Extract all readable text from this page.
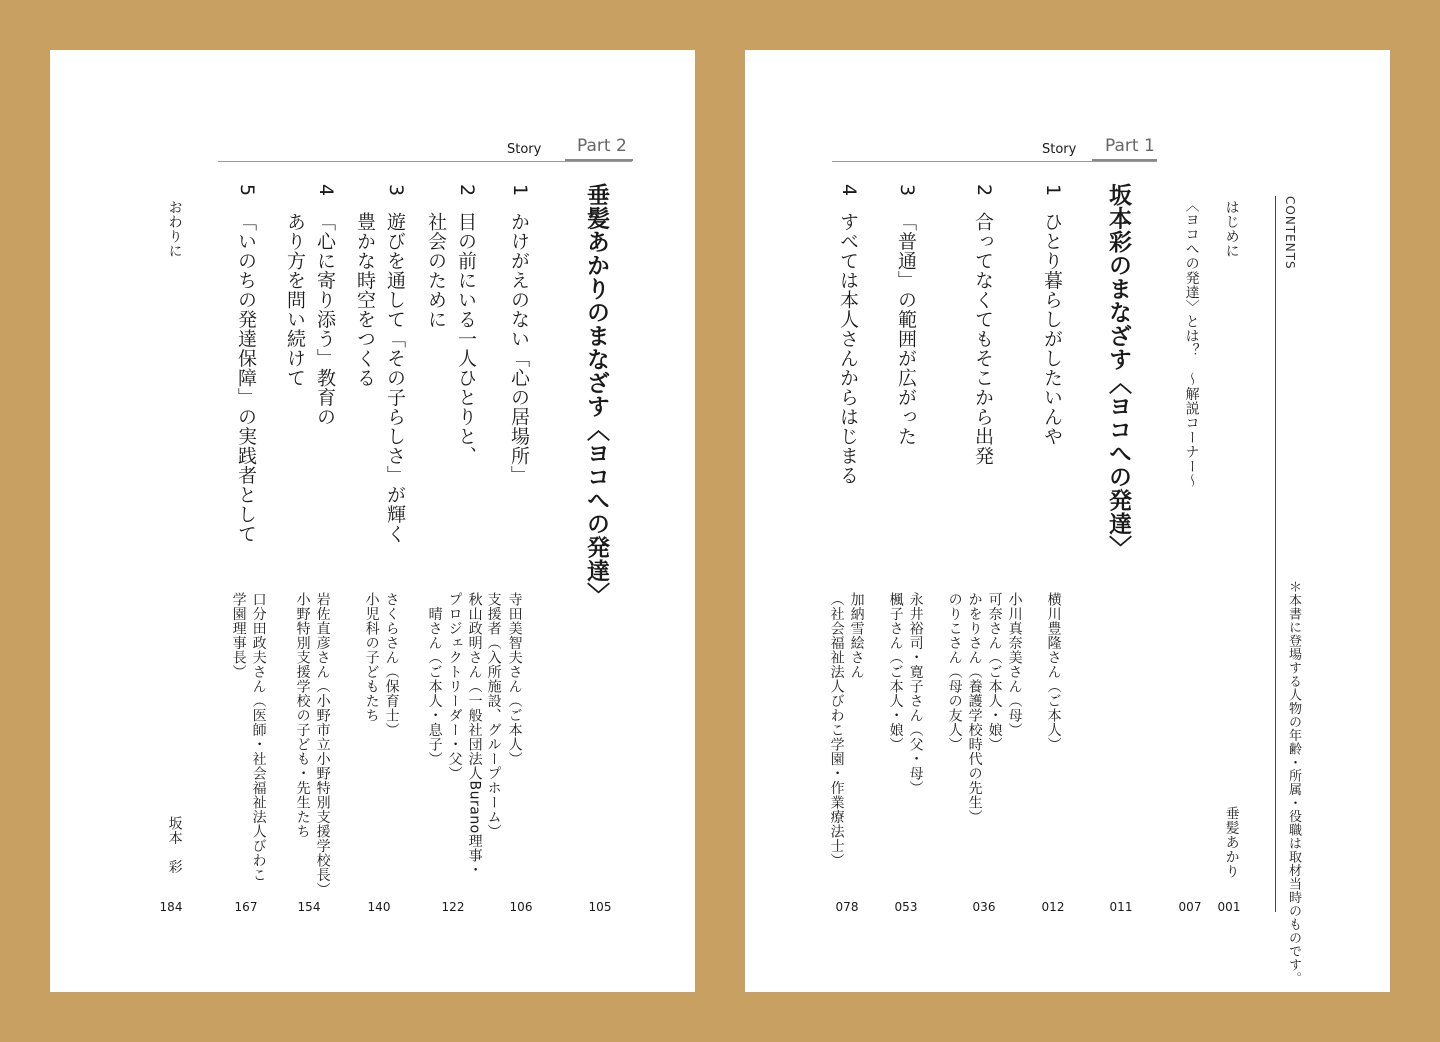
Story Part 2
垂髪あかりのまなざす〈ヨコへの発達〉
105
1
かけがえのない「心の居場所」
寺田美智夫さん（ご本人）
支援者（入所施設、グループホーム）
106
2
目の前にいる一人ひとりと、
社会のために
秋山政明さん（一般社団法人Burano理事・
プロジェクトリーダー・父）
　晴さん（ご本人・息子）
122
3
遊びを通して「その子らしさ」が輝く
豊かな時空をつくる
さくらさん（保育士）
小児科の子どもたち
140
4
「心に寄り添う」教育の
あり方を問い続けて
岩佐直彦さん（小野市立小野特別支援学校長）
小野特別支援学校の子ども・先生たち
154
5
「いのちの発達保障」の実践者として
口分田政夫さん（医師・社会福祉法人びわこ
学園理事長）
167
おわりに
坂本　彩
184
CONTENTS
＊本書に登場する人物の年齢・所属・役職は取材当時のものです。
はじめに
垂髪あかり
001
〈ヨコへの発達〉とは？　〜解説コーナー〜
007
Story Part 1
坂本彩のまなざす〈ヨコへの発達〉
011
1
ひとり暮らしがしたいんや
横川豊隆さん（ご本人）
012
2
合ってなくてもそこから出発
小川真奈美さん（母）
可奈さん（ご本人・娘）
かをりさん（養護学校時代の先生）
のりこさん（母の友人）
036
3
「普通」の範囲が広がった
永井裕司・寛子さん（父・母）
楓子さん（ご本人・娘）
053
4
すべては本人さんからはじまる
加納雪絵さん
（社会福祉法人びわこ学園・作業療法士）
078
